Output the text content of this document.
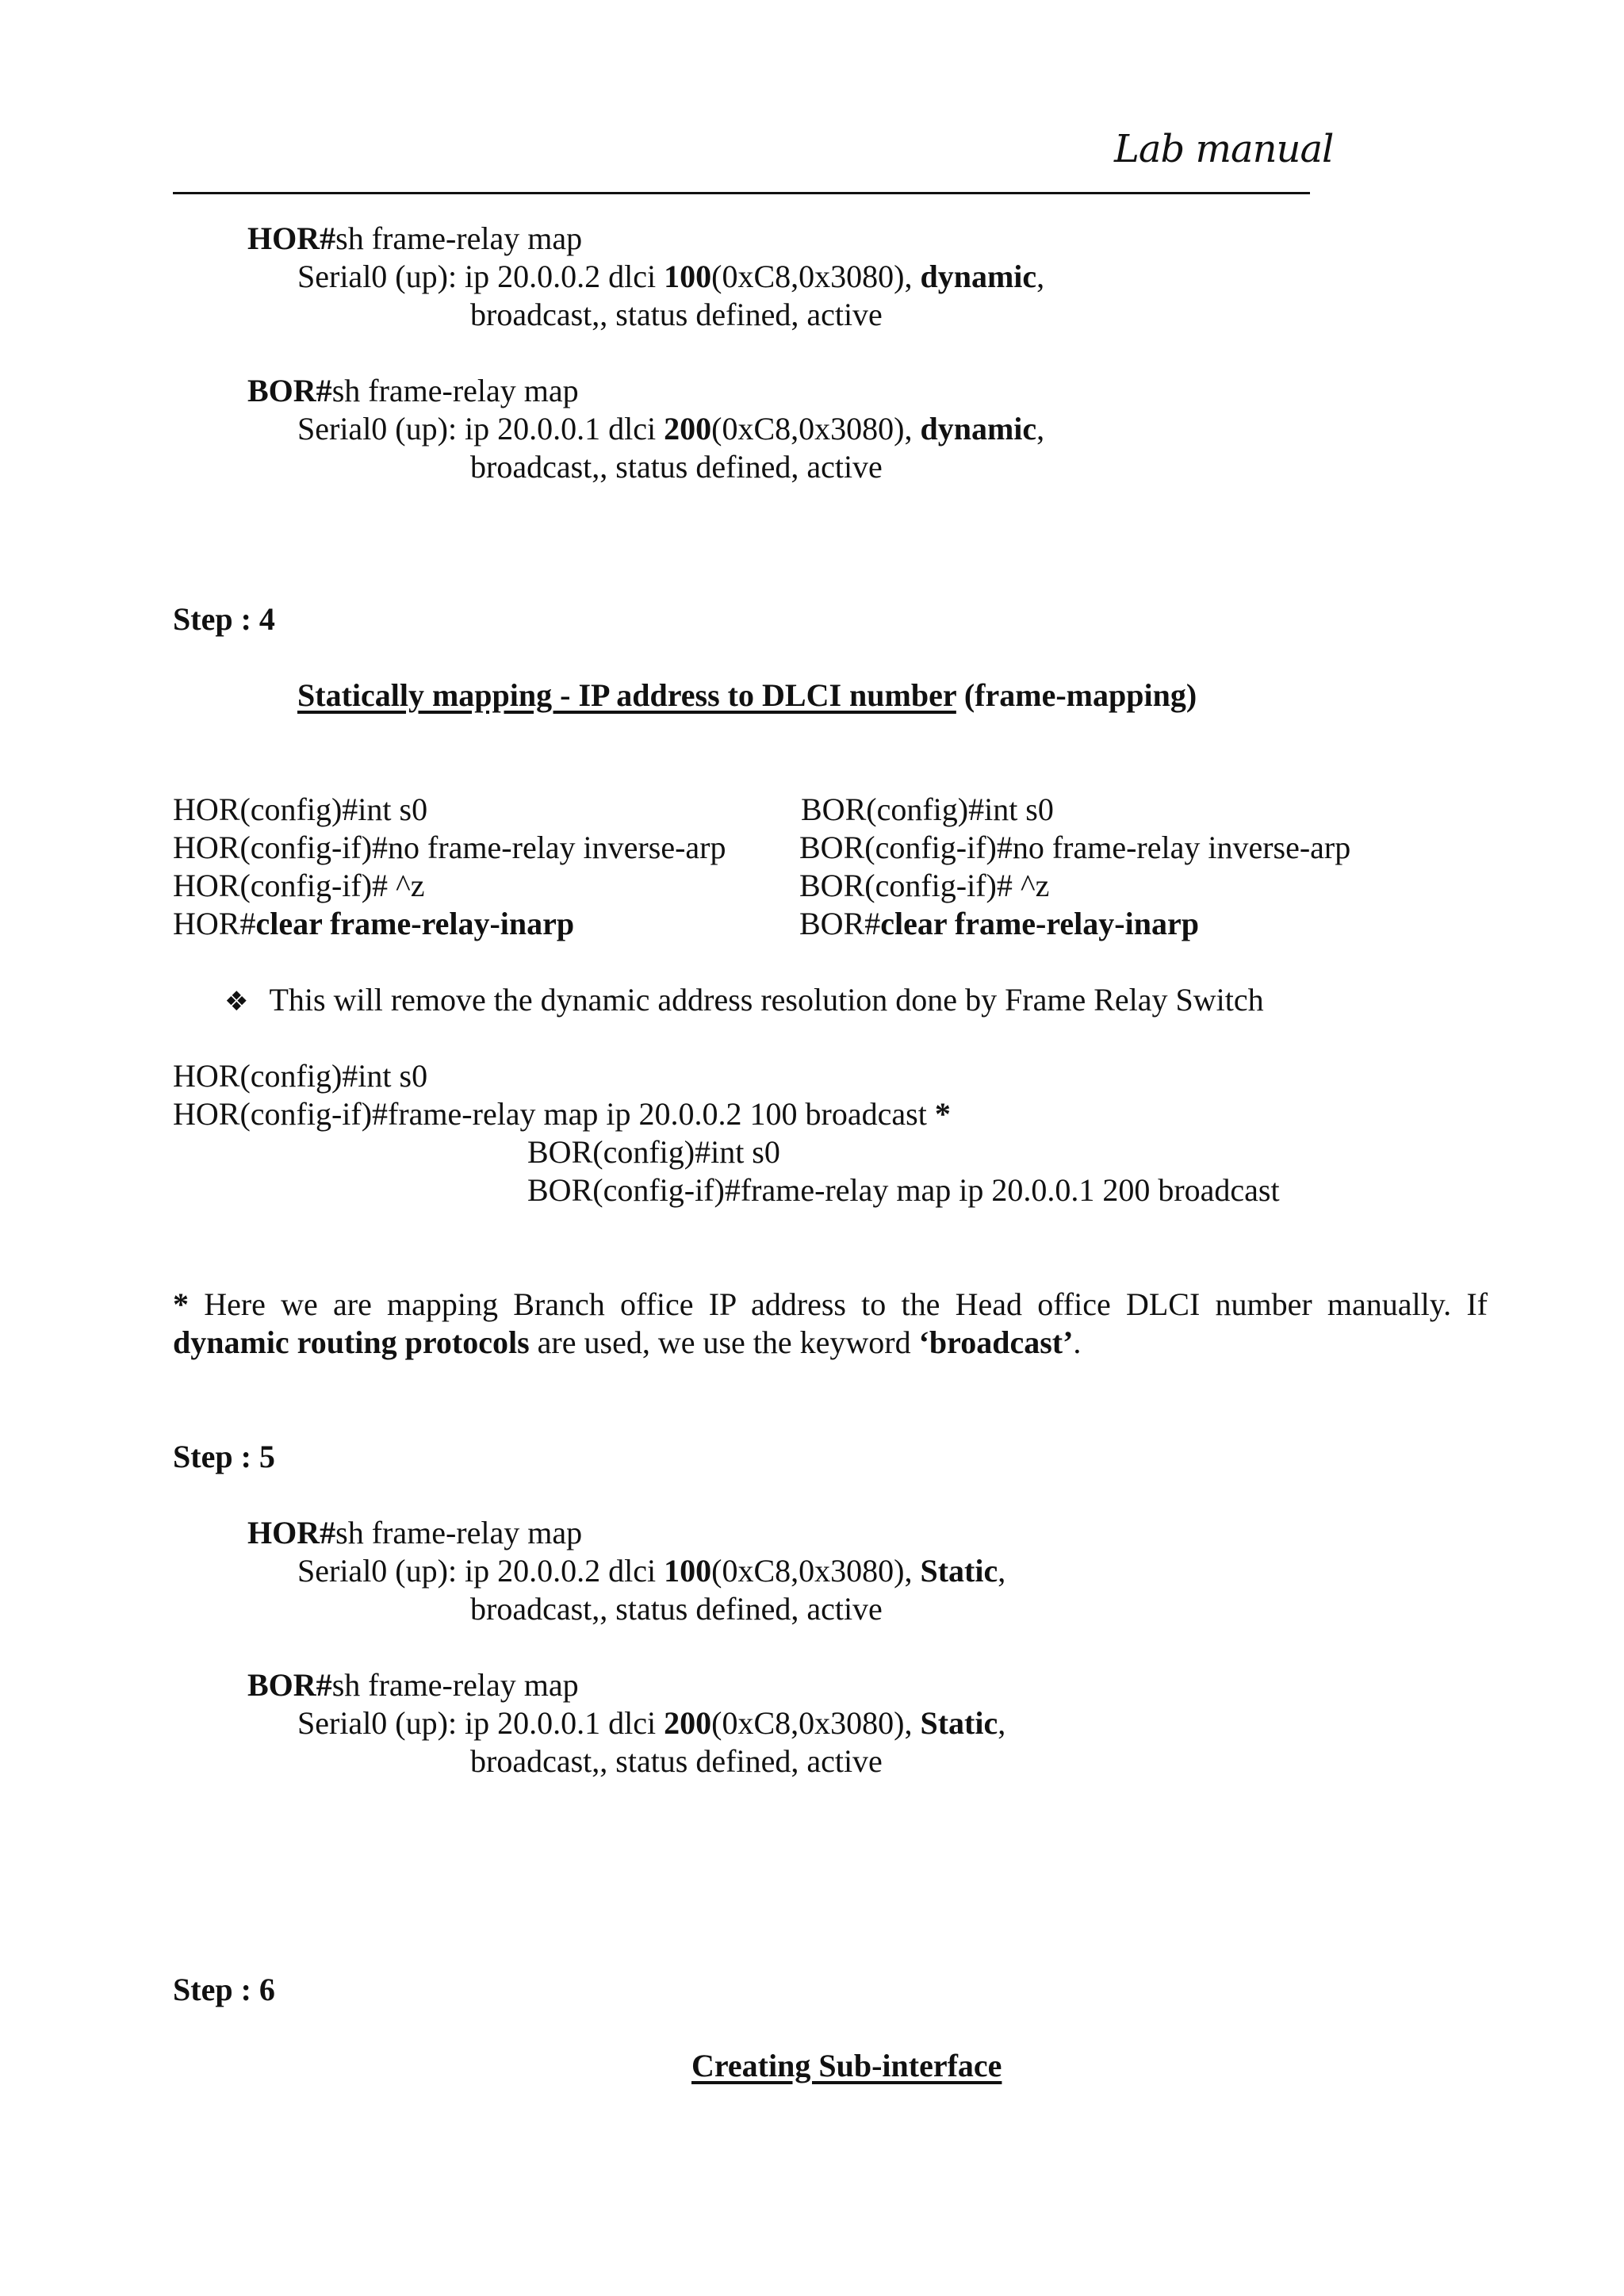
Lab manual
HOR#sh frame-relay map
Serial0 (up): ip 20.0.0.2 dlci 100(0xC8,0x3080), dynamic,
broadcast,, status defined, active
BOR#sh frame-relay map
Serial0 (up): ip 20.0.0.1 dlci 200(0xC8,0x3080), dynamic,
broadcast,, status defined, active
Step : 4
Statically mapping - IP address to DLCI number (frame-mapping)
HOR(config)#int s0
HOR(config-if)#no frame-relay inverse-arp
HOR(config-if)# ^z
HOR#clear frame-relay-inarp
BOR(config)#int s0
BOR(config-if)#no frame-relay inverse-arp
BOR(config-if)# ^z
BOR#clear frame-relay-inarp
❖ This will remove the dynamic address resolution done by Frame Relay Switch
HOR(config)#int s0
HOR(config-if)#frame-relay map ip 20.0.0.2 100 broadcast *
BOR(config)#int s0
BOR(config-if)#frame-relay map ip 20.0.0.1 200 broadcast
* Here we are mapping Branch office IP address to the Head office DLCI number manually. If dynamic routing protocols are used, we use the keyword ‘broadcast’.
Step : 5
HOR#sh frame-relay map
Serial0 (up): ip 20.0.0.2 dlci 100(0xC8,0x3080), Static,
broadcast,, status defined, active
BOR#sh frame-relay map
Serial0 (up): ip 20.0.0.1 dlci 200(0xC8,0x3080), Static,
broadcast,, status defined, active
Step : 6
Creating Sub-interface
